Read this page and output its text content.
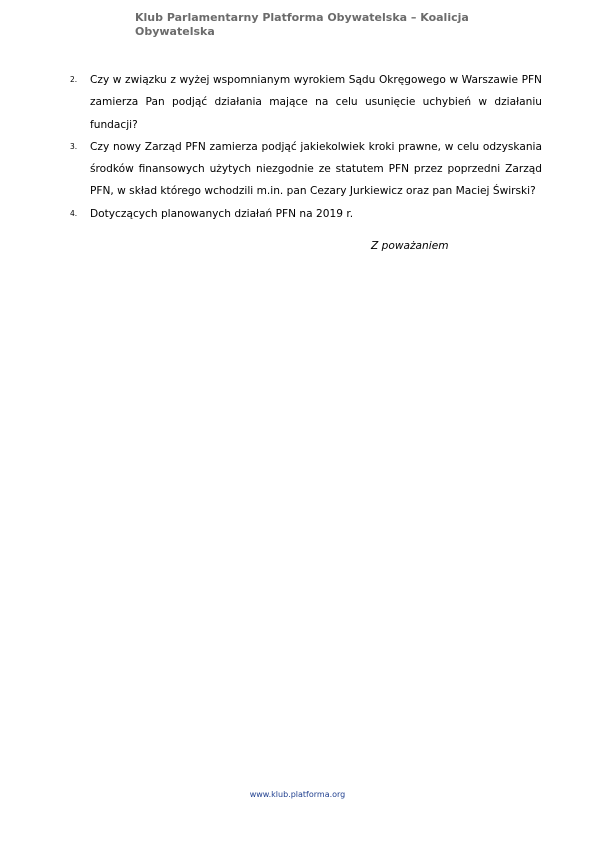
Klub Parlamentarny Platforma Obywatelska – Koalicja Obywatelska
2. Czy w związku z wyżej wspomnianym wyrokiem Sądu Okręgowego w Warszawie PFN zamierza Pan podjąć działania mające na celu usunięcie uchybień w działaniu fundacji?
3. Czy nowy Zarząd PFN zamierza podjąć jakiekolwiek kroki prawne, w celu odzyskania środków finansowych użytych niezgodnie ze statutem PFN przez poprzedni Zarząd PFN, w skład którego wchodzili m.in. pan Cezary Jurkiewicz oraz pan Maciej Świrski?
4. Dotyczących planowanych działań PFN na 2019 r.
Z poważaniem
www.klub.platforma.org
